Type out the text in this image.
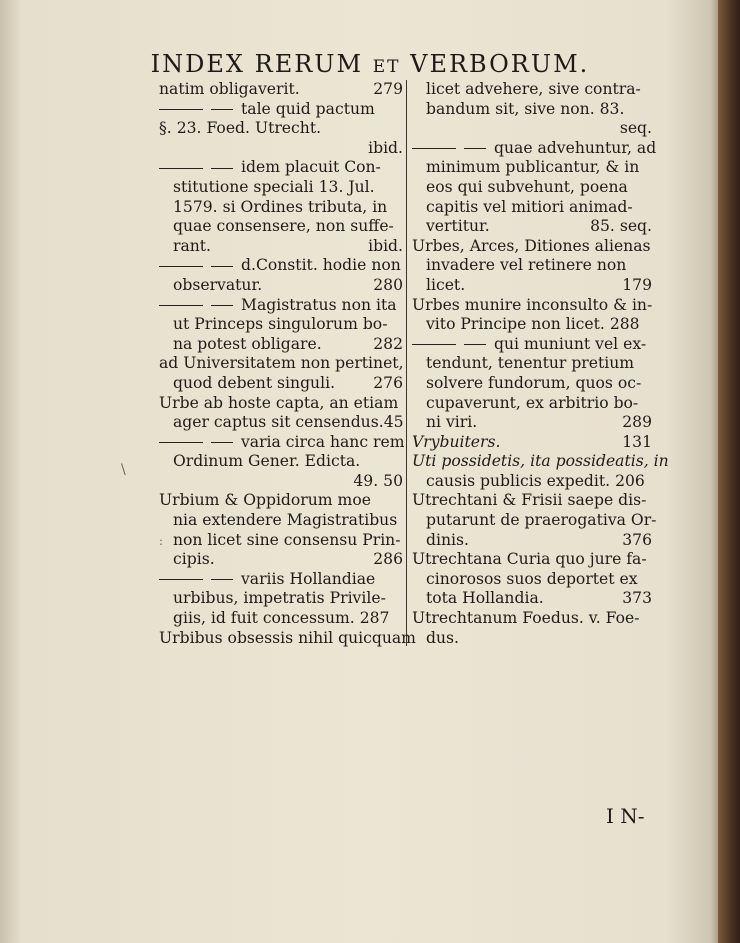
INDEX RERUM ET VERBORUM.
natim obligaverit.	279
tale quid pactum
§. 23. Foed. Utrecht.
ibid.
idem placuit Con-
stitutione speciali 13. Jul.
1579. si Ordines tributa, in
quae consensere, non suffe-
rant.	ibid.
d.Constit. hodie non
observatur.	280
Magistratus non ita
ut Princeps singulorum bo-
na potest obligare.	282
ad Universitatem non pertinet,
quod debent singuli. 276
Urbe ab hoste capta, an etiam
ager captus sit censendus. 45
varia circa hanc rem
Ordinum Gener. Edicta.
49. 50
Urbium & Oppidorum moe
nia extendere Magistratibus
non licet sine consensu Prin-
cipis.	286
variis Hollandiae
urbibus, impetratis Privile-
giis, id fuit concessum. 287
Urbibus obsessis nihil quicquam
licet advehere, sive contra-
bandum sit, sive non. 83.
seq.
quae advehuntur, ad
minimum publicantur, & in
eos qui subvehunt, poena
capitis vel mitiori animad-
vertitur.	85. seq.
Urbes, Arces, Ditiones alienas
invadere vel retinere non
licet.	179
Urbes munire inconsulto & in-
vito Principe non licet. 288
qui muniunt vel ex-
tendunt, tenentur pretium
solvere fundorum, quos oc-
cupaverunt, ex arbitrio bo-
ni viri.	289
Vrybuiters.	131
Uti possidetis, ita possideatis, in
causis publicis expedit. 206
Utrechtani & Frisii saepe dis-
putarunt de praerogativa Or-
dinis.	376
Utrechtana Curia quo jure fa-
cinorosos suos deportet ex
tota Hollandia.	373
Utrechtanum Foedus. v. Foe-
dus.
\
:
I N-
